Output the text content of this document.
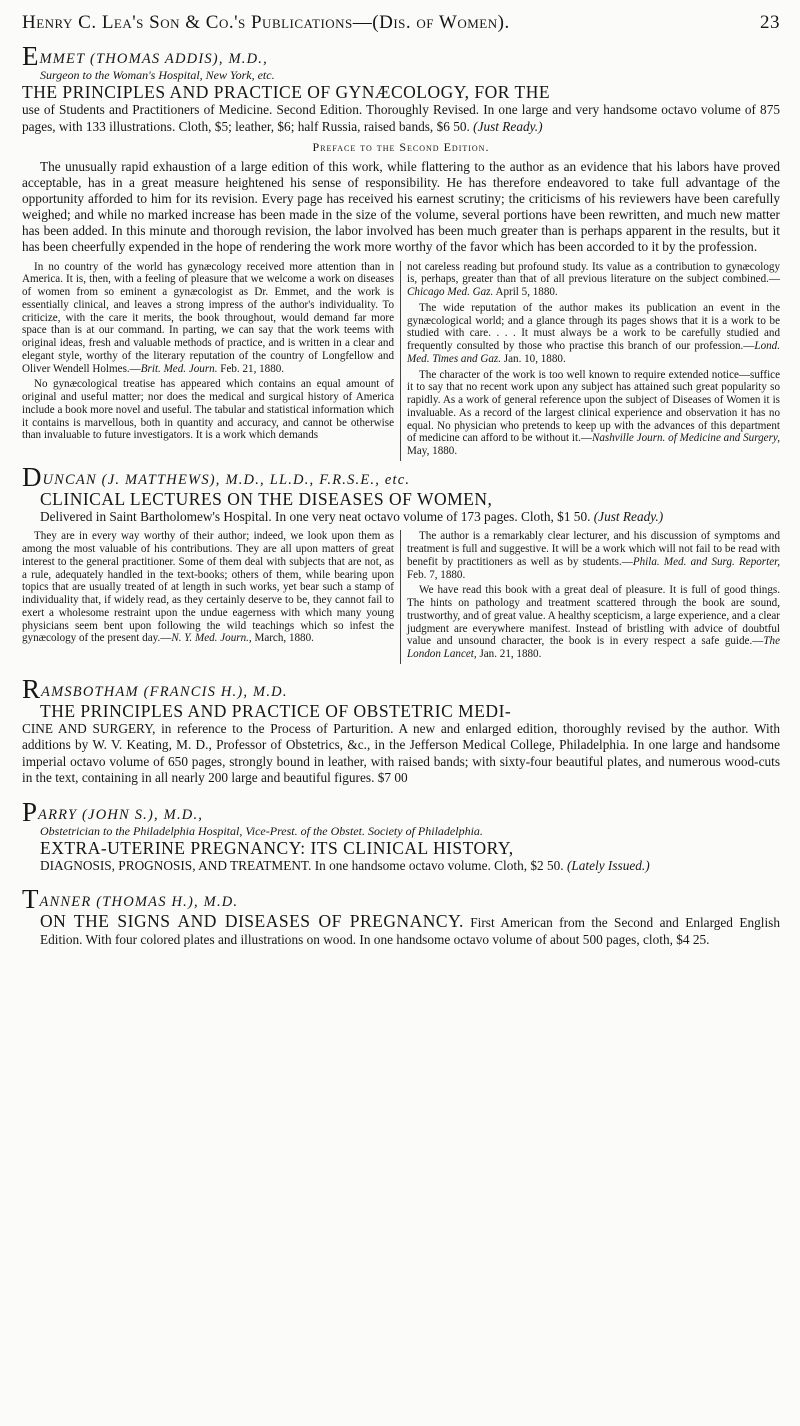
Henry C. Lea's Son & Co.'s Publications—(Dis. of Women).	23
EMMET (THOMAS ADDIS), M.D.,
Surgeon to the Woman's Hospital, New York, etc.
THE PRINCIPLES AND PRACTICE OF GYNÆCOLOGY, FOR THE
use of Students and Practitioners of Medicine. Second Edition. Thoroughly Revised. In one large and very handsome octavo volume of 875 pages, with 133 illustrations. Cloth, $5; leather, $6; half Russia, raised bands, $6 50. (Just Ready.)
Preface to the Second Edition.

The unusually rapid exhaustion of a large edition of this work, while flattering to the author as an evidence that his labors have proved acceptable, has in a great measure heightened his sense of responsibility. He has therefore endeavored to take full advantage of the opportunity afforded to him for its revision. Every page has received his earnest scrutiny; the criticisms of his reviewers have been carefully weighed; and while no marked increase has been made in the size of the volume, several portions have been rewritten, and much new matter has been added. In this minute and thorough revision, the labor involved has been much greater than is perhaps apparent in the results, but it has been cheerfully expended in the hope of rendering the work more worthy of the favor which has been accorded to it by the profession.

In no country of the world has gynæcology received more attention than in America. It is, then, with a feeling of pleasure that we welcome a work on diseases of women from so eminent a gynæcologist as Dr. Emmet, and the work is essentially clinical, and leaves a strong impress of the author's individuality. To criticize, with the care it merits, the book throughout, would demand far more space than is at our command. In parting, we can say that the work teems with original ideas, fresh and valuable methods of practice, and is written in a clear and elegant style, worthy of the literary reputation of the country of Longfellow and Oliver Wendell Holmes.—Brit. Med. Journ. Feb. 21, 1880.

No gynæcological treatise has appeared which contains an equal amount of original and useful matter; nor does the medical and surgical history of America include a book more novel and useful. The tabular and statistical information which it contains is marvellous, both in quantity and accuracy, and cannot be otherwise than invaluable to future investigators. It is a work which demands

not careless reading but profound study. Its value as a contribution to gynæcology is, perhaps, greater than that of all previous literature on the subject combined.—Chicago Med. Gaz. April 5, 1880.

The wide reputation of the author makes its publication an event in the gynæcological world; and a glance through its pages shows that it is a work to be studied with care. . . . It must always be a work to be carefully studied and frequently consulted by those who practise this branch of our profession.—Lond. Med. Times and Gaz. Jan. 10, 1880.

The character of the work is too well known to require extended notice—suffice it to say that no recent work upon any subject has attained such great popularity so rapidly. As a work of general reference upon the subject of Diseases of Women it is invaluable. As a record of the largest clinical experience and observation it has no equal. No physician who pretends to keep up with the advances of this department of medicine can afford to be without it.—Nashville Journ. of Medicine and Surgery, May, 1880.

DUNCAN (J. MATTHEWS), M.D., LL.D., F.R.S.E., etc.
CLINICAL LECTURES ON THE DISEASES OF WOMEN,
Delivered in Saint Bartholomew's Hospital. In one very neat octavo volume of 173 pages. Cloth, $1 50. (Just Ready.)

They are in every way worthy of their author; indeed, we look upon them as among the most valuable of his contributions. They are all upon matters of great interest to the general practitioner. Some of them deal with subjects that are not, as a rule, adequately handled in the text-books; others of them, while bearing upon topics that are usually treated of at length in such works, yet bear such a stamp of individuality that, if widely read, as they certainly deserve to be, they cannot fail to exert a wholesome restraint upon the undue eagerness with which many young physicians seem bent upon following the wild teachings which so infest the gynæcology of the present day.—N. Y. Med. Journ., March, 1880.

The author is a remarkably clear lecturer, and his discussion of symptoms and treatment is full and suggestive. It will be a work which will not fail to be read with benefit by practitioners as well as by students.—Phila. Med. and Surg. Reporter, Feb. 7, 1880.

We have read this book with a great deal of pleasure. It is full of good things. The hints on pathology and treatment scattered through the book are sound, trustworthy, and of great value. A healthy scepticism, a large experience, and a clear judgment are everywhere manifest. Instead of bristling with advice of doubtful value and unsound character, the book is in every respect a safe guide.—The London Lancet, Jan. 21, 1880.

RAMSBOTHAM (FRANCIS H.), M.D.
THE PRINCIPLES AND PRACTICE OF OBSTETRIC MEDI-
CINE AND SURGERY, in reference to the Process of Parturition. A new and enlarged edition, thoroughly revised by the author. With additions by W. V. Keating, M. D., Professor of Obstetrics, &c., in the Jefferson Medical College, Philadelphia. In one large and handsome imperial octavo volume of 650 pages, strongly bound in leather, with raised bands; with sixty-four beautiful plates, and numerous wood-cuts in the text, containing in all nearly 200 large and beautiful figures. $7 00
PARRY (JOHN S.), M.D.,
Obstetrician to the Philadelphia Hospital, Vice-Prest. of the Obstet. Society of Philadelphia.
EXTRA-UTERINE PREGNANCY: ITS CLINICAL HISTORY,
DIAGNOSIS, PROGNOSIS, AND TREATMENT. In one handsome octavo volume. Cloth, $2 50. (Lately Issued.)
TANNER (THOMAS H.), M.D.
ON THE SIGNS AND DISEASES OF PREGNANCY. First American from the Second and Enlarged English Edition. With four colored plates and illustrations on wood. In one handsome octavo volume of about 500 pages, cloth, $4 25.
